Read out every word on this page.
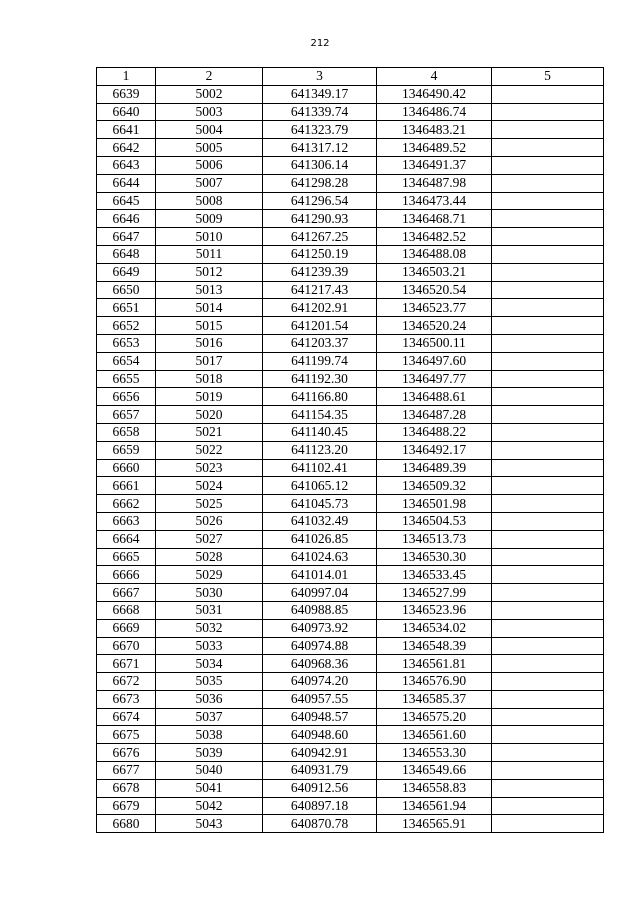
212
1	2	3	4	5
6639	5002	641349.17	1346490.42	
6640	5003	641339.74	1346486.74	
6641	5004	641323.79	1346483.21	
6642	5005	641317.12	1346489.52	
6643	5006	641306.14	1346491.37	
6644	5007	641298.28	1346487.98	
6645	5008	641296.54	1346473.44	
6646	5009	641290.93	1346468.71	
6647	5010	641267.25	1346482.52	
6648	5011	641250.19	1346488.08	
6649	5012	641239.39	1346503.21	
6650	5013	641217.43	1346520.54	
6651	5014	641202.91	1346523.77	
6652	5015	641201.54	1346520.24	
6653	5016	641203.37	1346500.11	
6654	5017	641199.74	1346497.60	
6655	5018	641192.30	1346497.77	
6656	5019	641166.80	1346488.61	
6657	5020	641154.35	1346487.28	
6658	5021	641140.45	1346488.22	
6659	5022	641123.20	1346492.17	
6660	5023	641102.41	1346489.39	
6661	5024	641065.12	1346509.32	
6662	5025	641045.73	1346501.98	
6663	5026	641032.49	1346504.53	
6664	5027	641026.85	1346513.73	
6665	5028	641024.63	1346530.30	
6666	5029	641014.01	1346533.45	
6667	5030	640997.04	1346527.99	
6668	5031	640988.85	1346523.96	
6669	5032	640973.92	1346534.02	
6670	5033	640974.88	1346548.39	
6671	5034	640968.36	1346561.81	
6672	5035	640974.20	1346576.90	
6673	5036	640957.55	1346585.37	
6674	5037	640948.57	1346575.20	
6675	5038	640948.60	1346561.60	
6676	5039	640942.91	1346553.30	
6677	5040	640931.79	1346549.66	
6678	5041	640912.56	1346558.83	
6679	5042	640897.18	1346561.94	
6680	5043	640870.78	1346565.91	
